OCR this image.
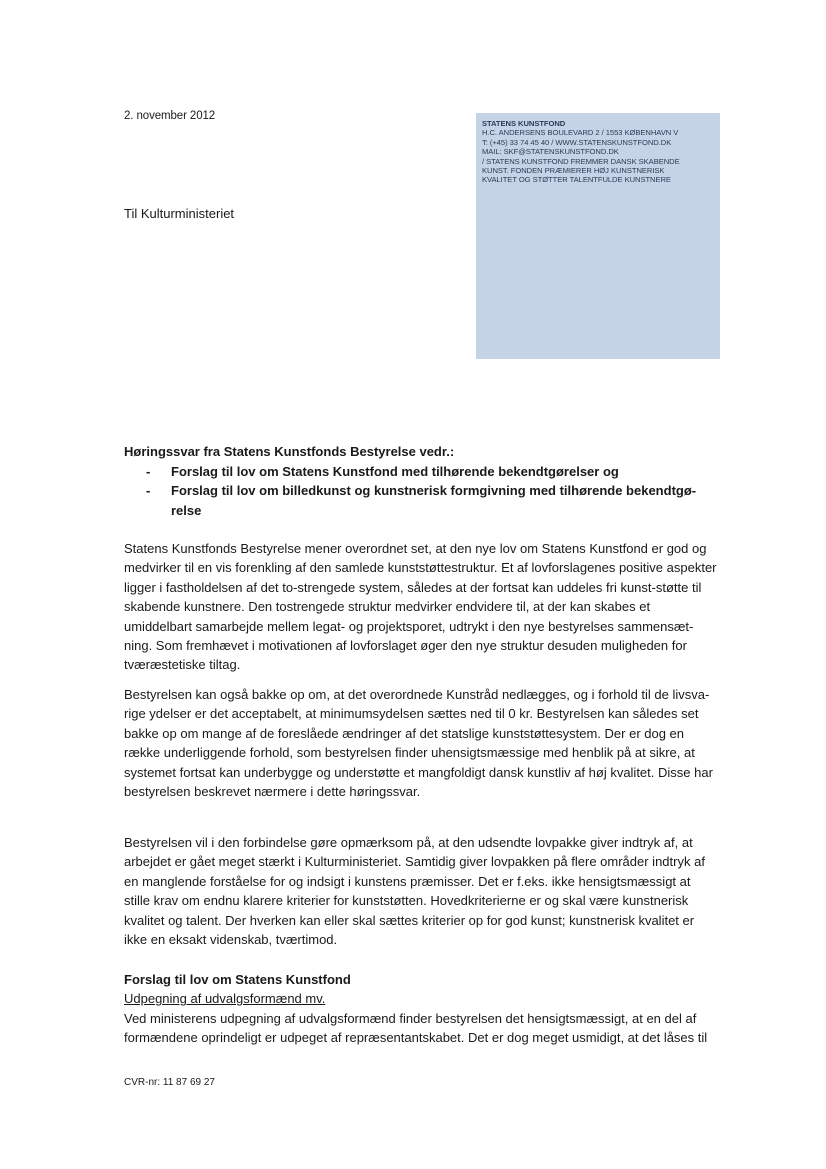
2. november 2012
STATENS KUNSTFOND
H.C. ANDERSENS BOULEVARD 2 / 1553 KØBENHAVN V
T: (+45) 33 74 45 40 / WWW.STATENSKUNSTFOND.DK
MAIL: SKF@STATENSKUNSTFOND.DK
/ STATENS KUNSTFOND FREMMER DANSK SKABENDE
KUNST. FONDEN PRÆMIERER HØJ KUNSTNERISK
KVALITET OG STØTTER TALENTFULDE KUNSTNERE
Til Kulturministeriet
Høringssvar fra Statens Kunstfonds Bestyrelse vedr.:
- Forslag til lov om Statens Kunstfond med tilhørende bekendtgørelser og
- Forslag til lov om billedkunst og kunstnerisk formgivning med tilhørende bekendtgø-relse

Statens Kunstfonds Bestyrelse mener overordnet set, at den nye lov om Statens Kunstfond er god og medvirker til en vis forenkling af den samlede kunststøttestruktur. Et af lovforslagenes positive aspekter ligger i fastholdelsen af det to-strengede system, således at der fortsat kan uddeles fri kunst-støtte til skabende kunstnere. Den tostrengede struktur medvirker endvidere til, at der kan skabes et umiddelbart samarbejde mellem legat- og projektsporet, udtrykt i den nye bestyrelses sammensæt-ning. Som fremhævet i motivationen af lovforslaget øger den nye struktur desuden muligheden for tværæstetiske tiltag.

Bestyrelsen kan også bakke op om, at det overordnede Kunstråd nedlægges, og i forhold til de livsva-rige ydelser er det acceptabelt, at minimumsydelsen sættes ned til 0 kr. Bestyrelsen kan således set bakke op om mange af de foreslåede ændringer af det statslige kunststøttesystem. Der er dog en række underliggende forhold, som bestyrelsen finder uhensigtsmæssige med henblik på at sikre, at systemet fortsat kan underbygge og understøtte et mangfoldigt dansk kunstliv af høj kvalitet. Disse har bestyrelsen beskrevet nærmere i dette høringssvar.

Bestyrelsen vil i den forbindelse gøre opmærksom på, at den udsendte lovpakke giver indtryk af, at arbejdet er gået meget stærkt i Kulturministeriet. Samtidig giver lovpakken på flere områder indtryk af en manglende forståelse for og indsigt i kunstens præmisser. Det er f.eks. ikke hensigtsmæssigt at stille krav om endnu klarere kriterier for kunststøtten. Hovedkriterierne er og skal være kunstnerisk kvalitet og talent. Der hverken kan eller skal sættes kriterier op for god kunst; kunstnerisk kvalitet er ikke en eksakt videnskab, tværtimod.

Forslag til lov om Statens Kunstfond
Udpegning af udvalgsformænd mv.
Ved ministerens udpegning af udvalgsformænd finder bestyrelsen det hensigtsmæssigt, at en del af formændene oprindeligt er udpeget af repræsentantskabet. Det er dog meget usmidigt, at det låses til
CVR-nr: 11 87 69 27
